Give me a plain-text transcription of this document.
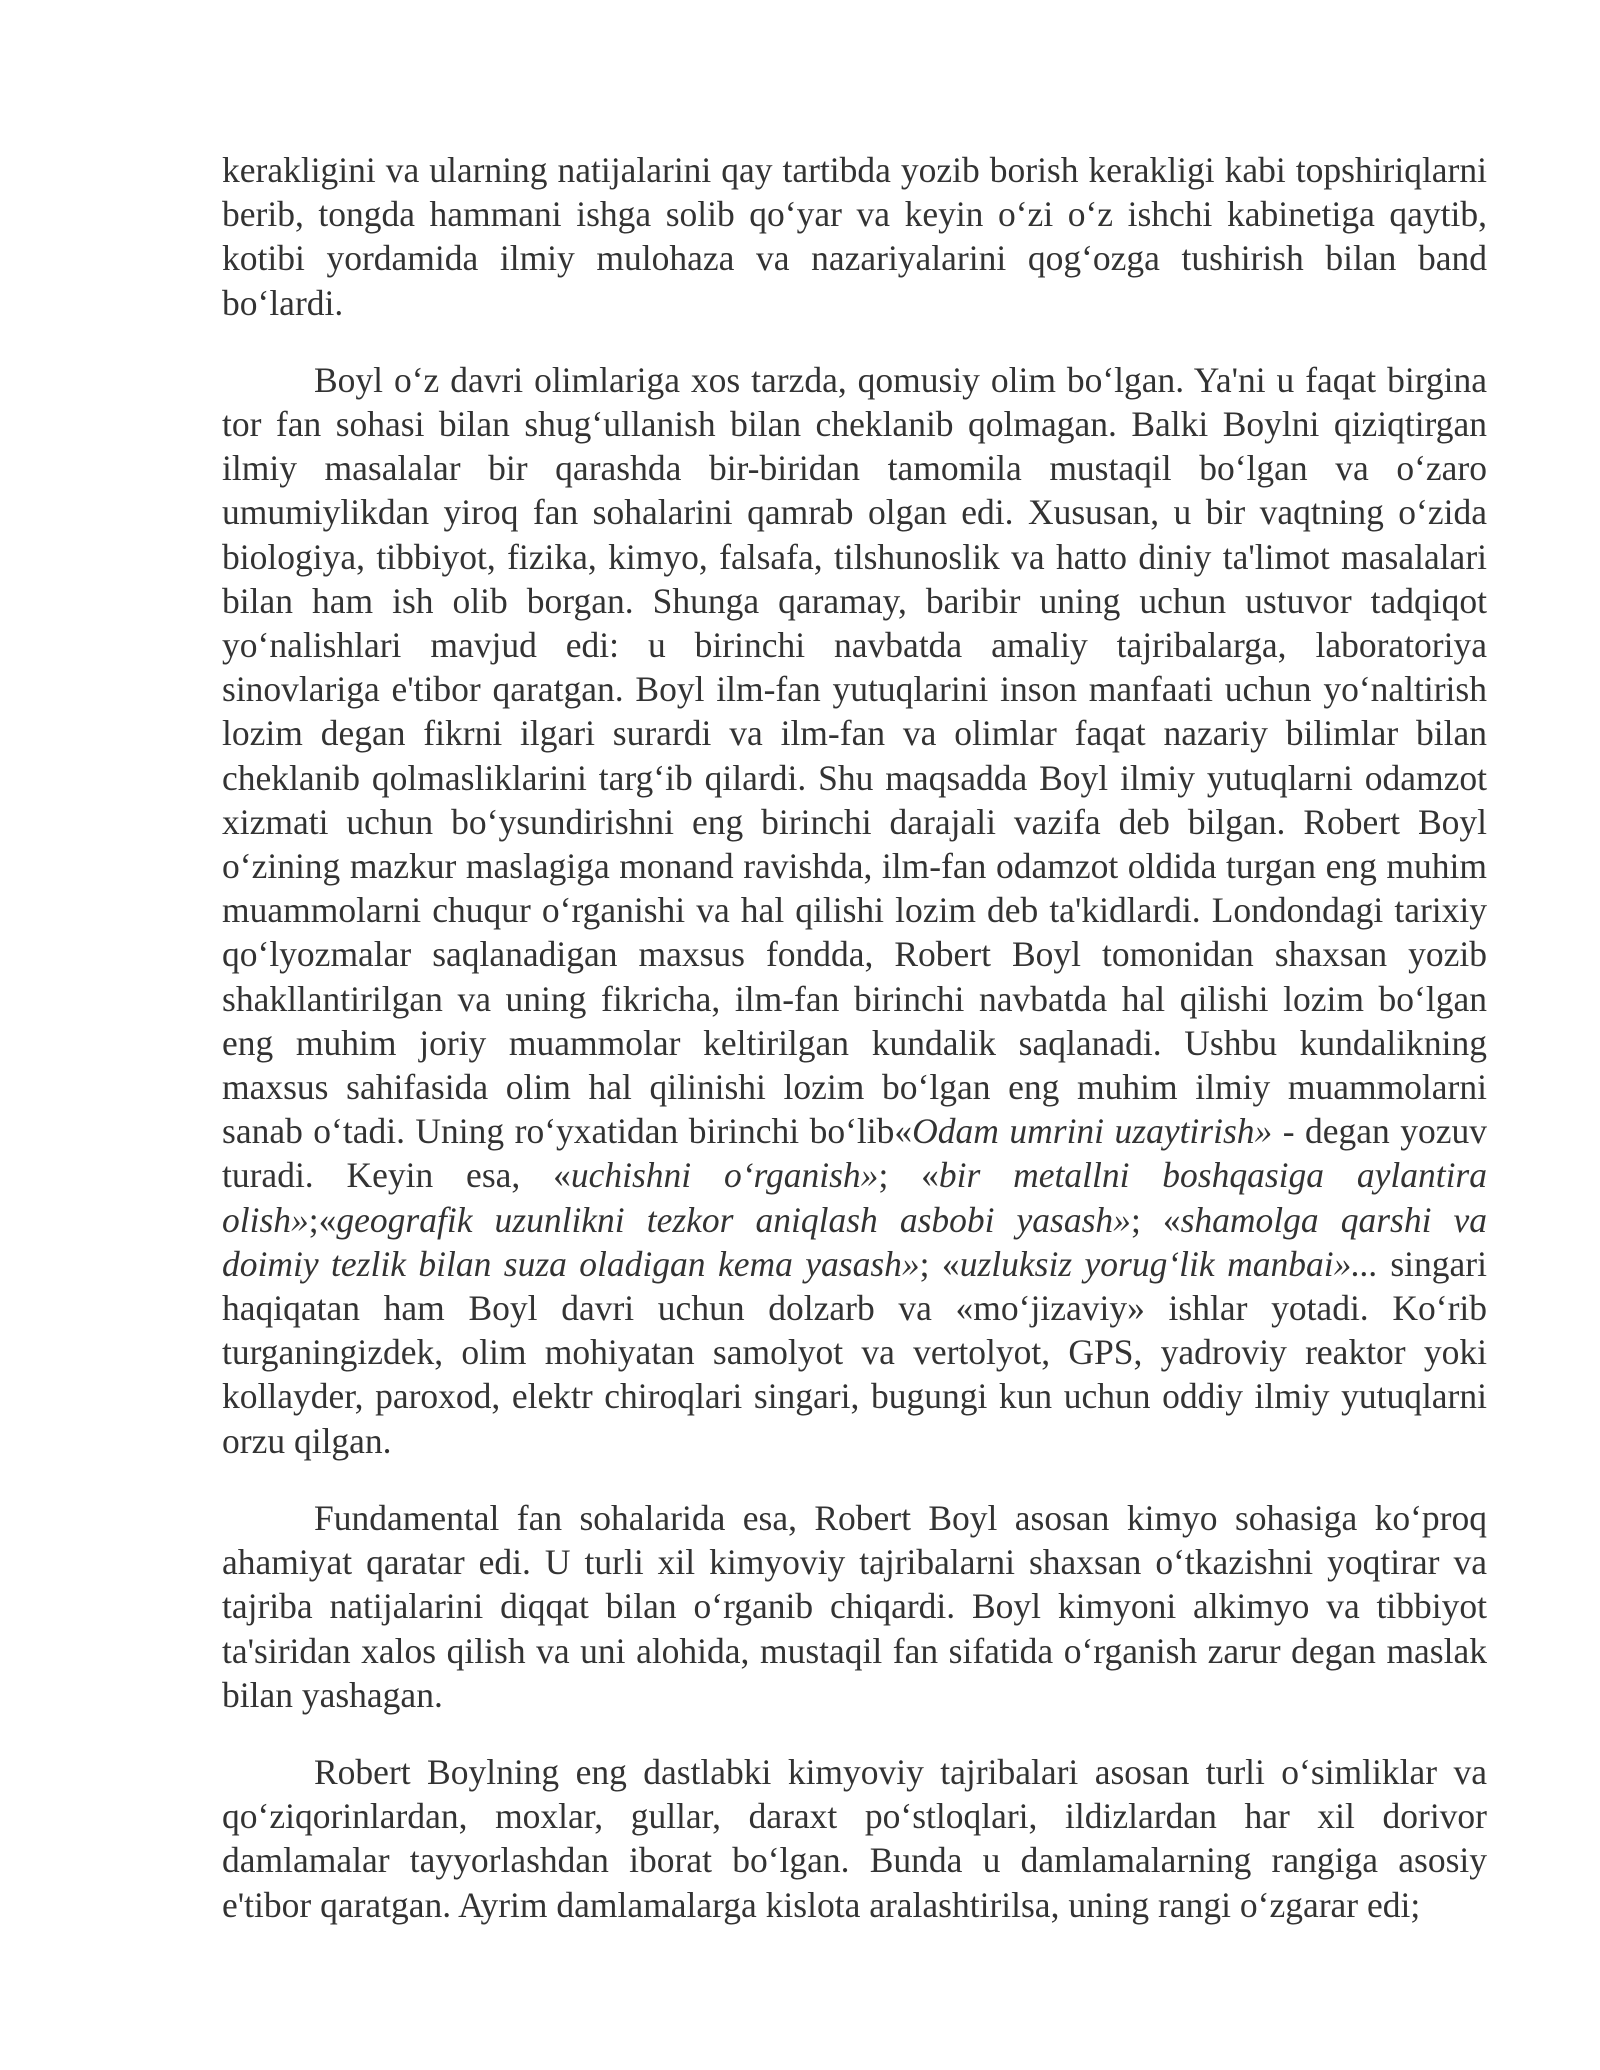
kerakligini va ularning natijalarini qay tartibda yozib borish kerakligi kabi topshiriqlarni berib, tongda hammani ishga solib qo‘yar va keyin o‘zi o‘z ishchi kabinetiga qaytib, kotibi yordamida ilmiy mulohaza va nazariyalarini qog‘ozga tushirish bilan band bo‘lardi.

Boyl o‘z davri olimlariga xos tarzda, qomusiy olim bo‘lgan. Ya'ni u faqat birgina tor fan sohasi bilan shug‘ullanish bilan cheklanib qolmagan. Balki Boylni qiziqtirgan ilmiy masalalar bir qarashda bir-biridan tamomila mustaqil bo‘lgan va o‘zaro umumiylikdan yiroq fan sohalarini qamrab olgan edi. Xususan, u bir vaqtning o‘zida biologiya, tibbiyot, fizika, kimyo, falsafa, tilshunoslik va hatto diniy ta'limot masalalari bilan ham ish olib borgan. Shunga qaramay, baribir uning uchun ustuvor tadqiqot yo‘nalishlari mavjud edi: u birinchi navbatda amaliy tajribalarga, laboratoriya sinovlariga e'tibor qaratgan. Boyl ilm-fan yutuqlarini inson manfaati uchun yo‘naltirish lozim degan fikrni ilgari surardi va ilm-fan va olimlar faqat nazariy bilimlar bilan cheklanib qolmasliklarini targ‘ib qilardi. Shu maqsadda Boyl ilmiy yutuqlarni odamzot xizmati uchun bo‘ysundirishni eng birinchi darajali vazifa deb bilgan. Robert Boyl o‘zining mazkur maslagiga monand ravishda, ilm-fan odamzot oldida turgan eng muhim muammolarni chuqur o‘rganishi va hal qilishi lozim deb ta'kidlardi. Londondagi tarixiy qo‘lyozmalar saqlanadigan maxsus fondda, Robert Boyl tomonidan shaxsan yozib shakllantirilgan va uning fikricha, ilm-fan birinchi navbatda hal qilishi lozim bo‘lgan eng muhim joriy muammolar keltirilgan kundalik saqlanadi. Ushbu kundalikning maxsus sahifasida olim hal qilinishi lozim bo‘lgan eng muhim ilmiy muammolarni sanab o‘tadi. Uning ro‘yxatidan birinchi bo‘lib«Odam umrini uzaytirish» - degan yozuv turadi. Keyin esa, «uchishni o‘rganish»; «bir metallni boshqasiga aylantira olish»;«geografik uzunlikni tezkor aniqlash asbobi yasash»; «shamolga qarshi va doimiy tezlik bilan suza oladigan kema yasash»; «uzluksiz yorug‘lik manbai»... singari haqiqatan ham Boyl davri uchun dolzarb va «mo‘jizaviy» ishlar yotadi. Ko‘rib turganingizdek, olim mohiyatan samolyot va vertolyot, GPS, yadroviy reaktor yoki kollayder, paroxod, elektr chiroqlari singari, bugungi kun uchun oddiy ilmiy yutuqlarni orzu qilgan.

Fundamental fan sohalarida esa, Robert Boyl asosan kimyo sohasiga ko‘proq ahamiyat qaratar edi. U turli xil kimyoviy tajribalarni shaxsan o‘tkazishni yoqtirar va tajriba natijalarini diqqat bilan o‘rganib chiqardi. Boyl kimyoni alkimyo va tibbiyot ta'siridan xalos qilish va uni alohida, mustaqil fan sifatida o‘rganish zarur degan maslak bilan yashagan.

Robert Boylning eng dastlabki kimyoviy tajribalari asosan turli o‘simliklar va qo‘ziqorinlardan, moxlar, gullar, daraxt po‘stloqlari, ildizlardan har xil dorivor damlamalar tayyorlashdan iborat bo‘lgan. Bunda u damlamalarning rangiga asosiy e'tibor qaratgan. Ayrim damlamalarga kislota aralashtirilsa, uning rangi o‘zgarar edi;
